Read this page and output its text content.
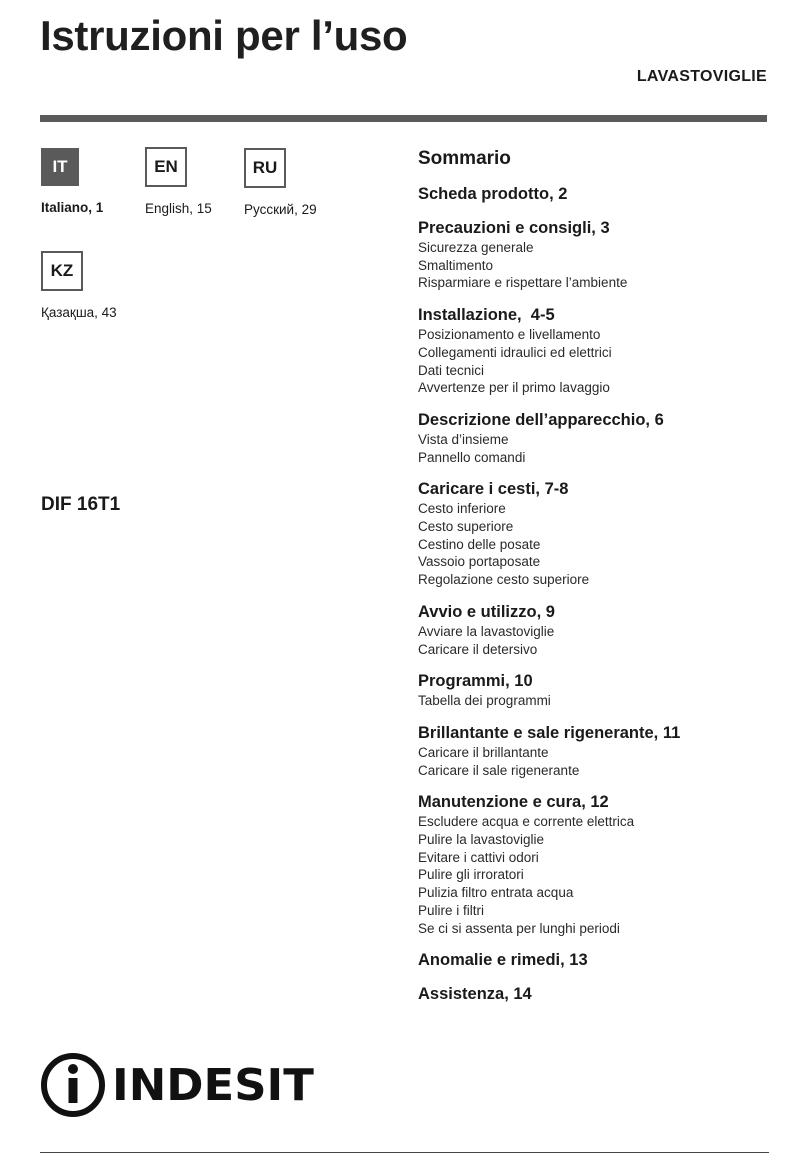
Istruzioni per l’uso
LAVASTOVIGLIE
IT
Italiano, 1
EN
English, 15
RU
Русский, 29
KZ
Қазақша, 43
DIF 16T1
Sommario
Scheda prodotto, 2
Precauzioni e consigli, 3
Sicurezza generale
Smaltimento
Risparmiare e rispettare l’ambiente
Installazione,  4-5
Posizionamento e livellamento
Collegamenti idraulici ed elettrici
Dati tecnici
Avvertenze per il primo lavaggio
Descrizione dell’apparecchio, 6
Vista d’insieme
Pannello comandi
Caricare i cesti, 7-8
Cesto inferiore
Cesto superiore
Cestino delle posate
Vassoio portaposate
Regolazione cesto superiore
Avvio e utilizzo, 9
Avviare la lavastoviglie
Caricare il detersivo
Programmi, 10
Tabella dei programmi
Brillantante e sale rigenerante, 11
Caricare il brillantante
Caricare il sale rigenerante
Manutenzione e cura, 12
Escludere acqua e corrente elettrica
Pulire la lavastoviglie
Evitare i cattivi odori
Pulire gli irroratori
Pulizia filtro entrata acqua
Pulire i filtri
Se ci si assenta per lunghi periodi
Anomalie e rimedi, 13
Assistenza, 14
INDESIT
